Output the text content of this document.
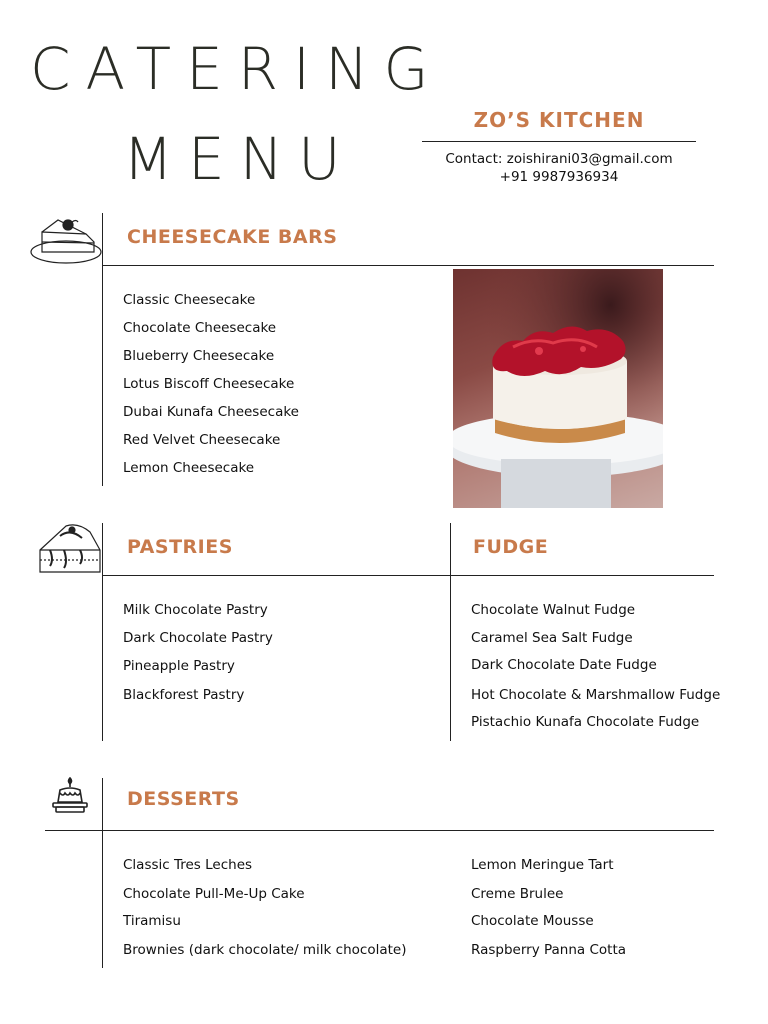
CATERING
MENU
ZO’S KITCHEN
Contact: zoishirani03@gmail.com
+91 9987936934
CHEESECAKE BARS
Classic Cheesecake
Chocolate Cheesecake
Blueberry Cheesecake
Lotus Biscoff Cheesecake
Dubai Kunafa Cheesecake
Red Velvet Cheesecake
Lemon Cheesecake
PASTRIES
Milk Chocolate Pastry
Dark Chocolate Pastry
Pineapple Pastry
Blackforest Pastry
FUDGE
Chocolate Walnut Fudge
Caramel Sea Salt Fudge
Dark Chocolate Date Fudge
Hot Chocolate & Marshmallow Fudge
Pistachio Kunafa Chocolate Fudge
DESSERTS
Classic Tres Leches
Chocolate Pull-Me-Up Cake
Tiramisu
Brownies (dark chocolate/ milk chocolate)
Lemon Meringue Tart
Creme Brulee
Chocolate Mousse
Raspberry Panna Cotta
